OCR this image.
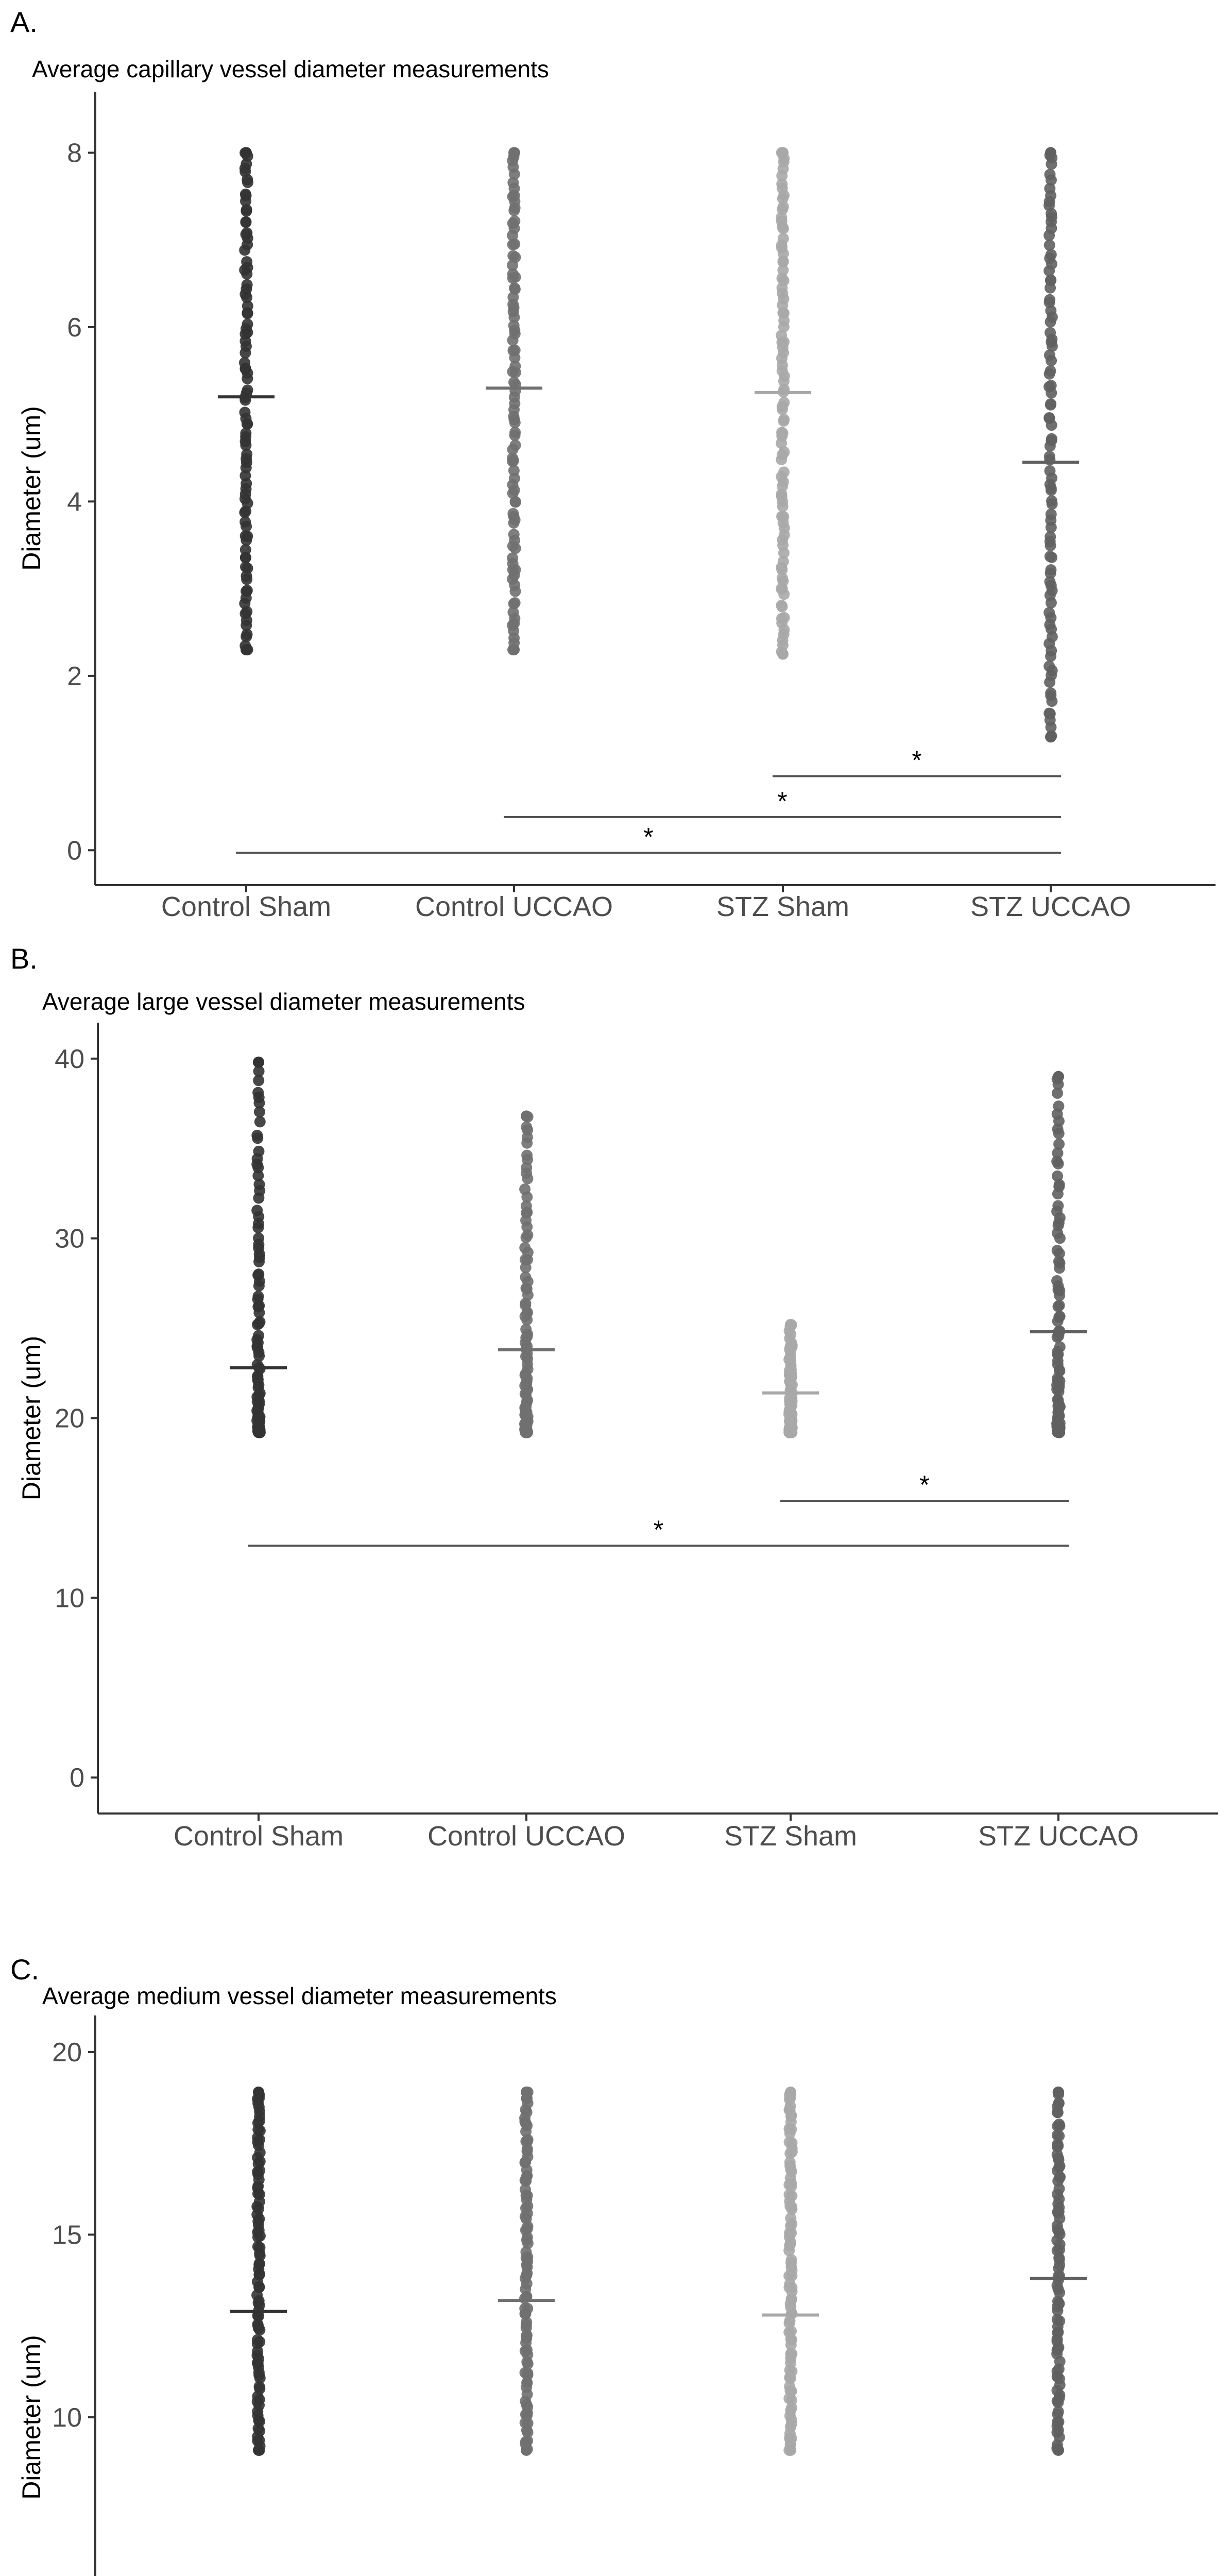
A.
Average capillary vessel diameter measurements
0
2
4
6
8
Diameter (um)
Control Sham	Control UCCAO	STZ Sham	STZ UCCAO
*
*
*
B.
Average large vessel diameter measurements
0
10
20
30
40
Diameter (um)
Control Sham	Control UCCAO	STZ Sham	STZ UCCAO
*
*
C.
Average medium vessel diameter measurements
10
15
20
Diameter (um)
